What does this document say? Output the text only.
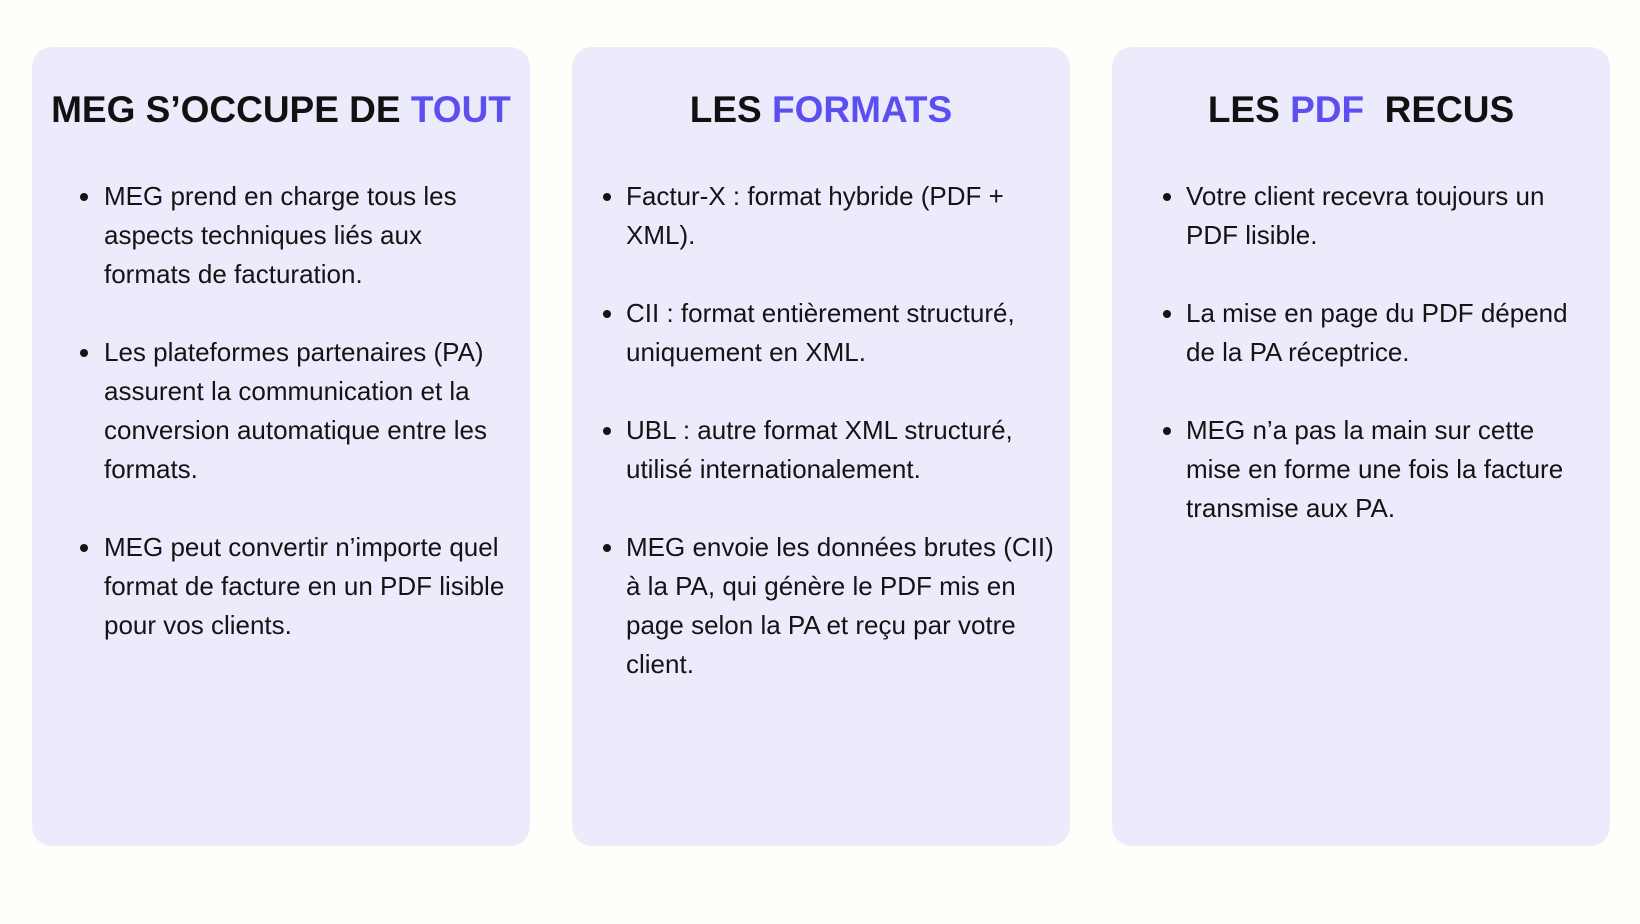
MEG S’OCCUPE DE TOUT
MEG prend en charge tous les aspects techniques liés aux formats de facturation.
Les plateformes partenaires (PA) assurent la communication et la conversion automatique entre les formats.
MEG peut convertir n’importe quel format de facture en un PDF lisible pour vos clients.
LES FORMATS
Factur-X : format hybride (PDF + XML).
CII : format entièrement structuré, uniquement en XML.
UBL : autre format XML structuré, utilisé internationalement.
MEG envoie les données brutes (CII) à la PA, qui génère le PDF mis en page selon la PA et reçu par votre client.
LES PDF  RECUS
Votre client recevra toujours un PDF lisible.
La mise en page du PDF dépend de la PA réceptrice.
MEG n’a pas la main sur cette mise en forme une fois la facture transmise aux PA.
